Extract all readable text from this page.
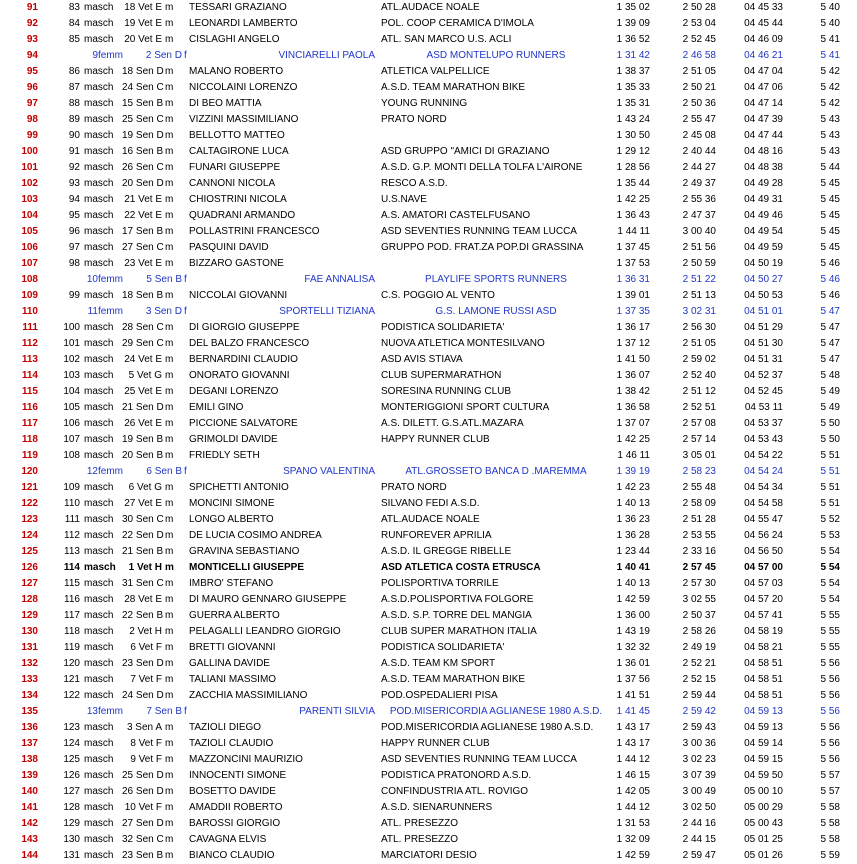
91	83 masch	18 Vet E m	TESSARI GRAZIANO	ATL.AUDACE NOALE	1 35 02	2 50 28	04 45 33	5 40
92	84 masch	19 Vet E m	LEONARDI LAMBERTO	POL. COOP CERAMICA D'IMOLA	1 39 09	2 53 04	04 45 44	5 40
93	85 masch	20 Vet E m	CISLAGHI ANGELO	ATL. SAN MARCO U.S. ACLI	1 36 52	2 52 45	04 46 09	5 41
94	9 femm	2 Sen D f	VINCIARELLI PAOLA	ASD MONTELUPO RUNNERS	1 31 42	2 46 58	04 46 21	5 41
95	86 masch 18 Sen D m	MALANO ROBERTO	ATLETICA VALPELLICE	1 38 37	2 51 05	04 47 04	5 42
96	87 masch 24 Sen C m	NICCOLAINI LORENZO	A.S.D. TEAM MARATHON BIKE	1 35 33	2 50 21	04 47 06	5 42
97	88 masch 15 Sen B m	DI BEO MATTIA	YOUNG RUNNING	1 35 31	2 50 36	04 47 14	5 42
98	89 masch 25 Sen C m	VIZZINI MASSIMILIANO	PRATO NORD	1 43 24	2 55 47	04 47 39	5 43
99	90 masch 19 Sen D m	BELLOTTO MATTEO	1 30 50	2 45 08	04 47 44	5 43
100	91 masch 16 Sen B m	CALTAGIRONE LUCA	ASD GRUPPO "AMICI DI GRAZIANO	1 29 12	2 40 44	04 48 16	5 43
101	92 masch 26 Sen C m	FUNARI GIUSEPPE	A.S.D. G.P. MONTI DELLA TOLFA L'AIRONE	1 28 56	2 44 27	04 48 38	5 44
102	93 masch 20 Sen D m	CANNONI NICOLA	RESCO A.S.D.	1 35 44	2 49 37	04 49 28	5 45
103	94 masch	21 Vet E m	CHIOSTRINI NICOLA	U.S.NAVE	1 42 25	2 55 36	04 49 31	5 45
104	95 masch	22 Vet E m	QUADRANI ARMANDO	A.S. AMATORI CASTELFUSANO	1 36 43	2 47 37	04 49 46	5 45
105	96 masch 17 Sen B m	POLLASTRINI FRANCESCO	ASD SEVENTIES RUNNING TEAM LUCCA	1 44 11	3 00 40	04 49 54	5 45
106	97 masch 27 Sen C m	PASQUINI DAVID	GRUPPO POD. FRAT.ZA POP.DI GRASSINA	1 37 45	2 51 56	04 49 59	5 45
107	98 masch	23 Vet E m	BIZZARO GASTONE	1 37 53	2 50 59	04 50 19	5 46
108	10 femm	5 Sen B f	FAE ANNALISA	PLAYLIFE SPORTS RUNNERS	1 36 31	2 51 22	04 50 27	5 46
109	99 masch 18 Sen B m	NICCOLAI GIOVANNI	C.S. POGGIO AL VENTO	1 39 01	2 51 13	04 50 53	5 46
110	11 femm	3 Sen D f	SPORTELLI TIZIANA	G.S. LAMONE RUSSI ASD	1 37 35	3 02 31	04 51 01	5 47
111	100 masch 28 Sen C m	DI GIORGIO GIUSEPPE	PODISTICA SOLIDARIETA'	1 36 17	2 56 30	04 51 29	5 47
112	101 masch 29 Sen C m	DEL BALZO FRANCESCO	NUOVA ATLETICA MONTESILVANO	1 37 12	2 51 05	04 51 30	5 47
113	102 masch	24 Vet E m	BERNARDINI CLAUDIO	ASD AVIS STIAVA	1 41 50	2 59 02	04 51 31	5 47
114	103 masch	5 Vet G m	ONORATO GIOVANNI	CLUB SUPERMARATHON	1 36 07	2 52 40	04 52 37	5 48
115	104 masch	25 Vet E m	DEGANI LORENZO	SORESINA RUNNING CLUB	1 38 42	2 51 12	04 52 45	5 49
116	105 masch 21 Sen D m	EMILI GINO	MONTERIGGIONI SPORT CULTURA	1 36 58	2 52 51	04 53 11	5 49
117	106 masch	26 Vet E m	PICCIONE SALVATORE	A.S. DILETT. G.S.ATL.MAZARA	1 37 07	2 57 08	04 53 37	5 50
118	107 masch 19 Sen B m	GRIMOLDI DAVIDE	HAPPY RUNNER CLUB	1 42 25	2 57 14	04 53 43	5 50
119	108 masch 20 Sen B m	FRIEDLY SETH	1 46 11	3 05 01	04 54 22	5 51
120	12 femm	6 Sen B f	SPANO VALENTINA	ATL.GROSSETO BANCA D .MAREMMA	1 39 19	2 58 23	04 54 24	5 51
121	109 masch	6 Vet G m	SPICHETTI ANTONIO	PRATO NORD	1 42 23	2 55 48	04 54 34	5 51
122	110 masch	27 Vet E m	MONCINI SIMONE	SILVANO FEDI A.S.D.	1 40 13	2 58 09	04 54 58	5 51
123	111 masch 30 Sen C m	LONGO ALBERTO	ATL.AUDACE NOALE	1 36 23	2 51 28	04 55 47	5 52
124	112 masch 22 Sen D m	DE LUCIA COSIMO ANDREA	RUNFOREVER APRILIA	1 36 28	2 53 55	04 56 24	5 53
125	113 masch 21 Sen B m	GRAVINA SEBASTIANO	A.S.D. IL GREGGE RIBELLE	1 23 44	2 33 16	04 56 50	5 54
126	114 masch	1 Vet H m	MONTICELLI GIUSEPPE	ASD ATLETICA COSTA ETRUSCA	1 40 41	2 57 45	04 57 00	5 54
127	115 masch 31 Sen C m	IMBRO' STEFANO	POLISPORTIVA TORRILE	1 40 13	2 57 30	04 57 03	5 54
128	116 masch	28 Vet E m	DI MAURO GENNARO GIUSEPPE	A.S.D.POLISPORTIVA FOLGORE	1 42 59	3 02 55	04 57 20	5 54
129	117 masch 22 Sen B m	GUERRA ALBERTO	A.S.D. S.P. TORRE DEL MANGIA	1 36 00	2 50 37	04 57 41	5 55
130	118 masch	2 Vet H m	PELAGALLI LEANDRO GIORGIO	CLUB SUPER MARATHON ITALIA	1 43 19	2 58 26	04 58 19	5 55
131	119 masch	6 Vet F m	BRETTI GIOVANNI	PODISTICA SOLIDARIETA'	1 32 32	2 49 19	04 58 21	5 55
132	120 masch 23 Sen D m	GALLINA DAVIDE	A.S.D. TEAM KM SPORT	1 36 01	2 52 21	04 58 51	5 56
133	121 masch	7 Vet F m	TALIANI MASSIMO	A.S.D. TEAM MARATHON BIKE	1 37 56	2 52 15	04 58 51	5 56
134	122 masch 24 Sen D m	ZACCHIA MASSIMILIANO	POD.OSPEDALIERI PISA	1 41 51	2 59 44	04 58 51	5 56
135	13 femm	7 Sen B f	PARENTI SILVIA	POD.MISERICORDIA AGLIANESE 1980 A.S.D.	1 41 45	2 59 42	04 59 13	5 56
136	123 masch	3 Sen A m	TAZIOLI DIEGO	POD.MISERICORDIA AGLIANESE 1980 A.S.D.	1 43 17	2 59 43	04 59 13	5 56
137	124 masch	8 Vet F m	TAZIOLI CLAUDIO	HAPPY RUNNER CLUB	1 43 17	3 00 36	04 59 14	5 56
138	125 masch	9 Vet F m	MAZZONCINI MAURIZIO	ASD SEVENTIES RUNNING TEAM LUCCA	1 44 12	3 02 23	04 59 15	5 56
139	126 masch 25 Sen D m	INNOCENTI SIMONE	PODISTICA PRATONORD A.S.D.	1 46 15	3 07 39	04 59 50	5 57
140	127 masch 26 Sen D m	BOSETTO DAVIDE	CONFINDUSTRIA ATL. ROVIGO	1 42 05	3 00 49	05 00 10	5 57
141	128 masch	10 Vet F m	AMADDII ROBERTO	A.S.D. SIENARUNNERS	1 44 12	3 02 50	05 00 29	5 58
142	129 masch 27 Sen D m	BAROSSI GIORGIO	ATL. PRESEZZO	1 31 53	2 44 16	05 00 43	5 58
143	130 masch 32 Sen C m	CAVAGNA ELVIS	ATL. PRESEZZO	1 32 09	2 44 15	05 01 25	5 58
144	131 masch 23 Sen B m	BIANCO CLAUDIO	MARCIATORI DESIO	1 42 59	2 59 47	05 01 26	5 59
